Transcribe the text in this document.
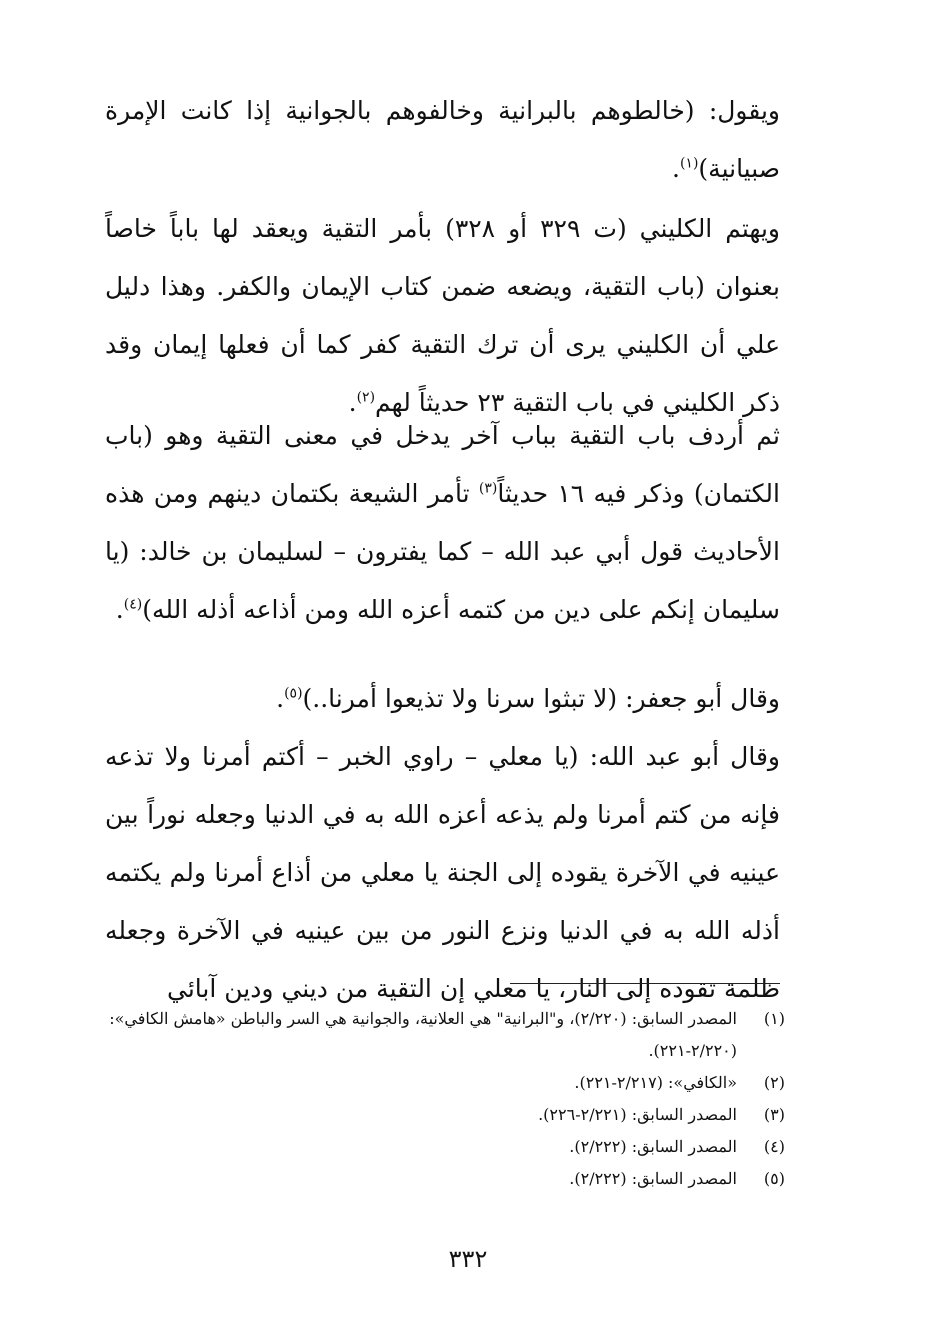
ويقول: (خالطوهم بالبرانية وخالفوهم بالجوانية إذا كانت الإمرة صبيانية)$^{(١)}$.

ويهتم الكليني (ت ٣٢٩ أو ٣٢٨) بأمر التقية ويعقد لها باباً خاصاً بعنوان (باب التقية، ويضعه ضمن كتاب الإيمان والكفر. وهذا دليل علي أن الكليني يرى أن ترك التقية كفر كما أن فعلها إيمان وقد ذكر الكليني في باب التقية ٢٣ حديثاً لهم$^{(٢)}$.

ثم أردف باب التقية بباب آخر يدخل في معنى التقية وهو (باب الكتمان) وذكر فيه ١٦ حديثاً$^{(٣)}$ تأمر الشيعة بكتمان دينهم ومن هذه الأحاديث قول أبي عبد الله – كما يفترون – لسليمان بن خالد: (يا سليمان إنكم على دين من كتمه أعزه الله ومن أذاعه أذله الله)$^{(٤)}$.

وقال أبو جعفر: (لا تبثوا سرنا ولا تذيعوا أمرنا..)$^{(٥)}$.

وقال أبو عبد الله: (يا معلي – راوي الخبر – أكتم أمرنا ولا تذعه فإنه من كتم أمرنا ولم يذعه أعزه الله به في الدنيا وجعله نوراً بين عينيه في الآخرة يقوده إلى الجنة يا معلي من أذاع أمرنا ولم يكتمه أذله الله به في الدنيا ونزع النور من بين عينيه في الآخرة وجعله ظلمة تقوده إلى النار، يا معلي إن التقية من ديني ودين آبائي

(١)
المصدر السابق: (٢/٢٢٠)، و"البرانية" هي العلانية، والجوانية هي السر والباطن «هامش الكافي»: (٢/٢٢٠-٢٢١).
(٢)
«الكافي»: (٢/٢١٧-٢٢١).
(٣)
المصدر السابق: (٢/٢٢١-٢٢٦).
(٤)
المصدر السابق: (٢/٢٢٢).
(٥)
المصدر السابق: (٢/٢٢٢).
٣٣٢
